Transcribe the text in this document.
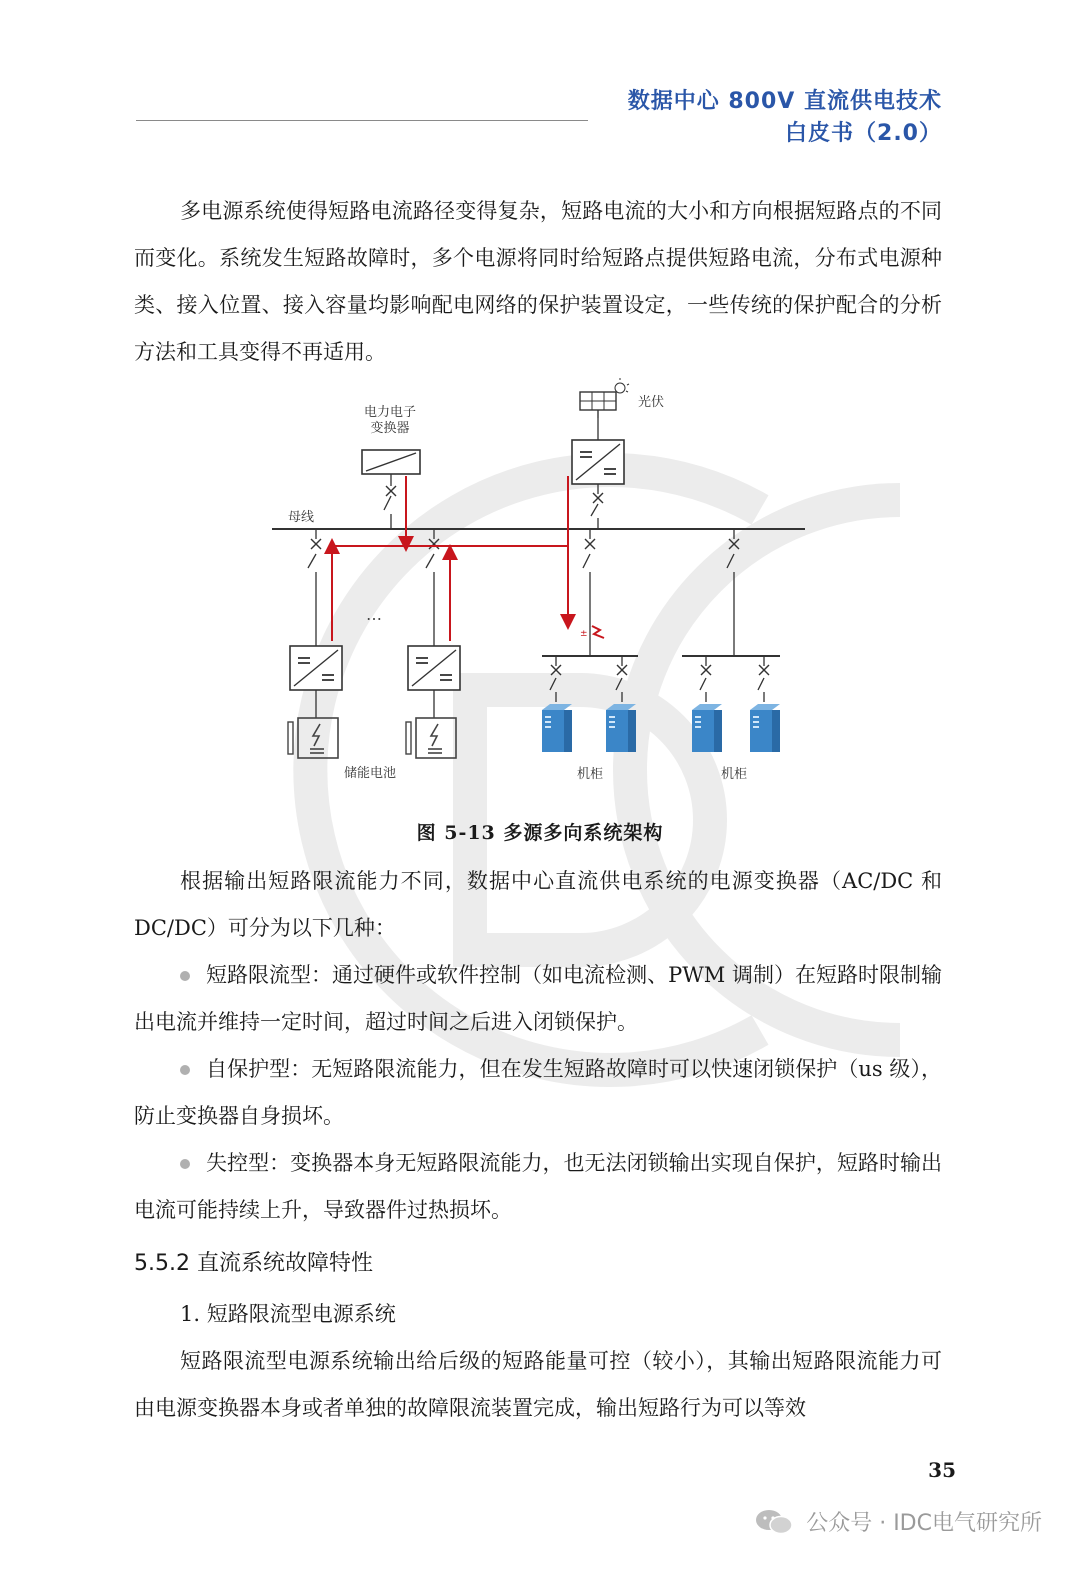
数据中心 800V 直流供电技术
白皮书（2.0）
多电源系统使得短路电流路径变得复杂，短路电流的大小和方向根据短路点的不同而变化。系统发生短路故障时，多个电源将同时给短路点提供短路电流，分布式电源种类、接入位置、接入容量均影响配电网络的保护装置设定，一些传统的保护配合的分析方法和工具变得不再适用。
电力电子
变换器
光伏
母线
…
储能电池
±
机柜	机柜
图 5-13 多源多向系统架构
根据输出短路限流能力不同，数据中心直流供电系统的电源变换器（AC/DC 和 DC/DC）可分为以下几种：
短路限流型：通过硬件或软件控制（如电流检测、PWM 调制）在短路时限制输出电流并维持一定时间，超过时间之后进入闭锁保护。
自保护型：无短路限流能力，但在发生短路故障时可以快速闭锁保护（us 级），防止变换器自身损坏。
失控型：变换器本身无短路限流能力，也无法闭锁输出实现自保护，短路时输出电流可能持续上升，导致器件过热损坏。
5.5.2 直流系统故障特性
1. 短路限流型电源系统
短路限流型电源系统输出给后级的短路能量可控（较小），其输出短路限流能力可由电源变换器本身或者单独的故障限流装置完成，输出短路行为可以等效
35
公众号 · IDC电气研究所
